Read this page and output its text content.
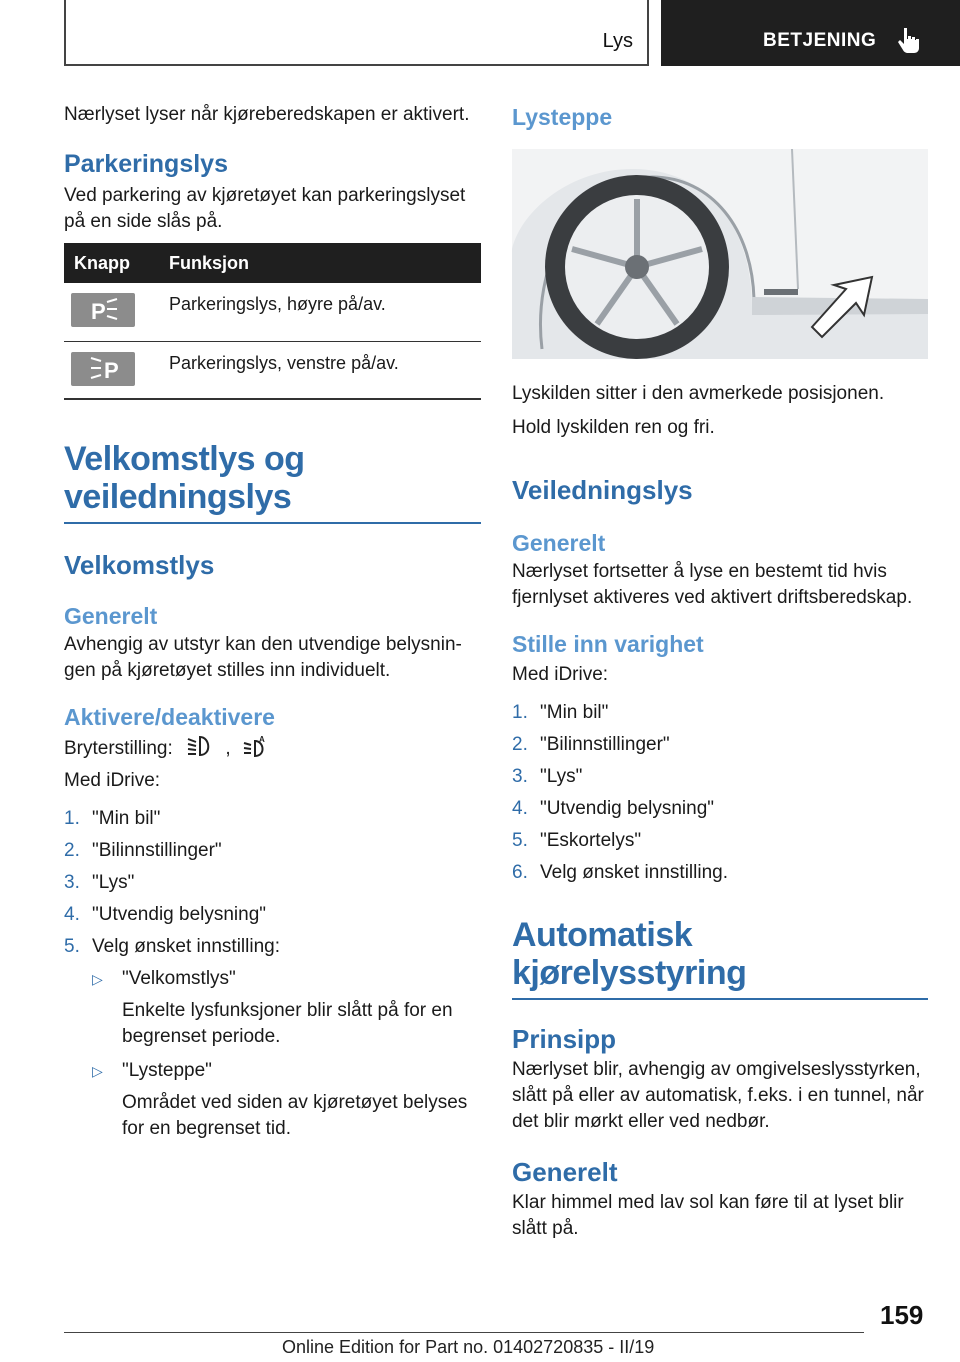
Lys	BETJENING

Nærlyset lyser når kjøreberedskapen er aktivert.

Parkeringslys

Ved parkering av kjøretøyet kan parkeringslyset på en side slås på.

Knapp	Funksjon

P	Parkeringslys, høyre på/av.

P	Parkeringslys, venstre på/av.
Velkomstlys og veiledningslys
Velkomstlys
Generelt

Avhengig av utstyr kan den utvendige belysningen på kjøretøyet stilles inn individuelt.

Aktivere/deaktivere

Bryterstilling:	,	A

Med iDrive:

1. "Min bil"
2. "Bilinnstillinger"
3. "Lys"
4. "Utvendig belysning"
5. Velg ønsket innstilling:
▷ "Velkomstlys"
Enkelte lysfunksjoner blir slått på for en begrenset periode.
▷ "Lysteppe"
Området ved siden av kjøretøyet belyses for en begrenset tid.
Lysteppe

Lyskilden sitter i den avmerkede posisjonen.

Hold lyskilden ren og fri.

Veiledningslys
Generelt

Nærlyset fortsetter å lyse en bestemt tid hvis fjernlyset aktiveres ved aktivert driftsberedskap.

Stille inn varighet

Med iDrive:

1. "Min bil"
2. "Bilinnstillinger"
3. "Lys"
4. "Utvendig belysning"
5. "Eskortelys"
6. Velg ønsket innstilling.
Automatisk kjørelysstyring
Prinsipp

Nærlyset blir, avhengig av omgivelseslysstyrken, slått på eller av automatisk, f.eks. i en tunnel, når det blir mørkt eller ved nedbør.

Generelt

Klar himmel med lav sol kan føre til at lyset blir slått på.

159
Online Edition for Part no. 01402720835 - II/19
